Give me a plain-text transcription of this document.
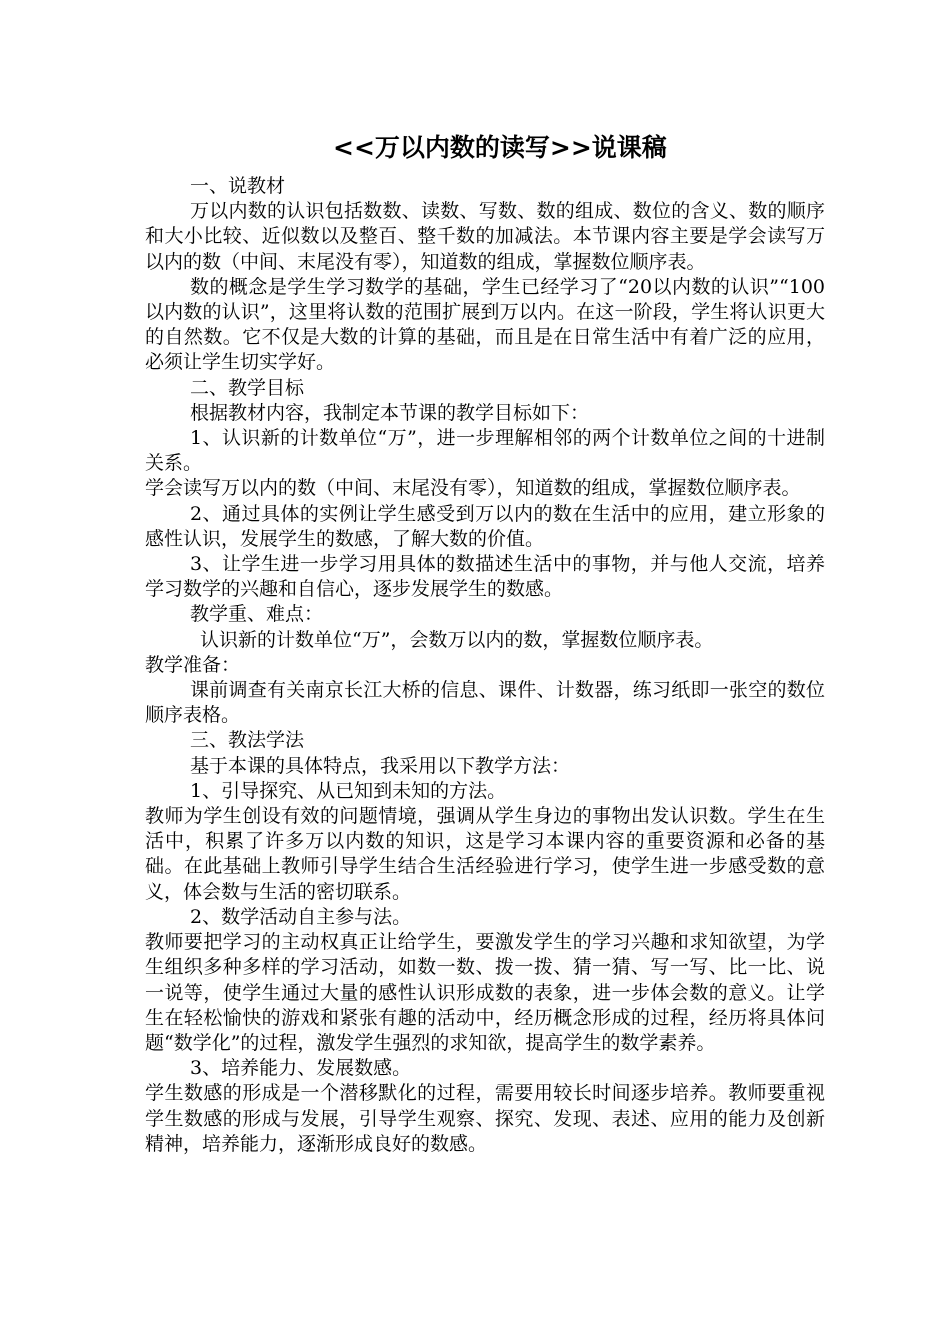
<<万以内数的读写>>说课稿

一、说教材

万以内数的认识包括数数、读数、写数、数的组成、数位的含义、数的顺序和大小比较、近似数以及整百、整千数的加减法。本节课内容主要是学会读写万以内的数（中间、末尾没有零），知道数的组成，掌握数位顺序表。

数的概念是学生学习数学的基础，学生已经学习了“20以内数的认识”“100以内数的认识”，这里将认数的范围扩展到万以内。在这一阶段，学生将认识更大的自然数。它不仅是大数的计算的基础，而且是在日常生活中有着广泛的应用，必须让学生切实学好。

二、教学目标

根据教材内容，我制定本节课的教学目标如下：

1、认识新的计数单位“万”，进一步理解相邻的两个计数单位之间的十进制关系。

学会读写万以内的数（中间、末尾没有零），知道数的组成，掌握数位顺序表。

2、通过具体的实例让学生感受到万以内的数在生活中的应用，建立形象的感性认识，发展学生的数感，了解大数的价值。

3、让学生进一步学习用具体的数描述生活中的事物，并与他人交流，培养学习数学的兴趣和自信心，逐步发展学生的数感。

教学重、难点：

认识新的计数单位“万”，会数万以内的数，掌握数位顺序表。

教学准备：

课前调查有关南京长江大桥的信息、课件、计数器，练习纸即一张空的数位顺序表格。

三、教法学法

基于本课的具体特点，我采用以下教学方法：

1、引导探究、从已知到未知的方法。

教师为学生创设有效的问题情境，强调从学生身边的事物出发认识数。学生在生活中，积累了许多万以内数的知识，这是学习本课内容的重要资源和必备的基础。在此基础上教师引导学生结合生活经验进行学习，使学生进一步感受数的意义，体会数与生活的密切联系。

2、数学活动自主参与法。

教师要把学习的主动权真正让给学生，要激发学生的学习兴趣和求知欲望，为学生组织多种多样的学习活动，如数一数、拨一拨、猜一猜、写一写、比一比、说一说等，使学生通过大量的感性认识形成数的表象，进一步体会数的意义。让学生在轻松愉快的游戏和紧张有趣的活动中，经历概念形成的过程，经历将具体问题“数学化”的过程，激发学生强烈的求知欲，提高学生的数学素养。

3、培养能力、发展数感。

学生数感的形成是一个潜移默化的过程，需要用较长时间逐步培养。教师要重视学生数感的形成与发展，引导学生观察、探究、发现、表述、应用的能力及创新精神，培养能力，逐渐形成良好的数感。
